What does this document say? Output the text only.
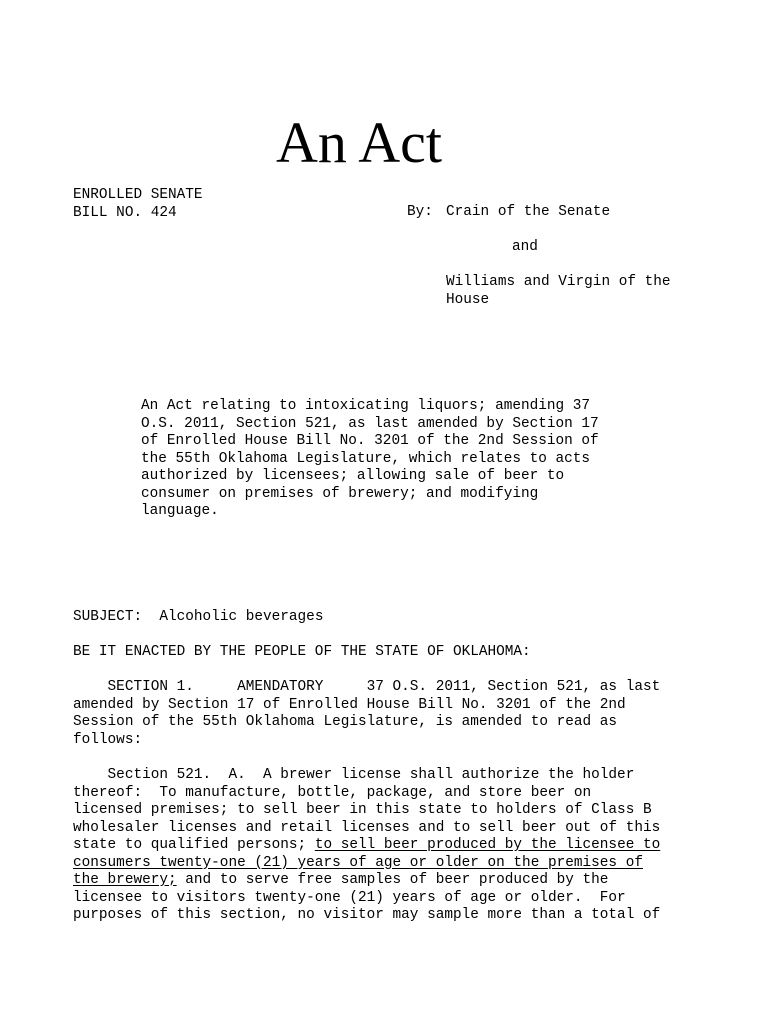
An Act
ENROLLED SENATE
BILL NO. 424	By: Crain of the Senate
and
Williams and Virgin of the
House
An Act relating to intoxicating liquors; amending 37
O.S. 2011, Section 521, as last amended by Section 17
of Enrolled House Bill No. 3201 of the 2nd Session of
the 55th Oklahoma Legislature, which relates to acts
authorized by licensees; allowing sale of beer to
consumer on premises of brewery; and modifying
language.
SUBJECT: Alcoholic beverages
BE IT ENACTED BY THE PEOPLE OF THE STATE OF OKLAHOMA:
SECTION 1.     AMENDATORY     37 O.S. 2011, Section 521, as last
amended by Section 17 of Enrolled House Bill No. 3201 of the 2nd
Session of the 55th Oklahoma Legislature, is amended to read as
follows:
Section 521.  A.  A brewer license shall authorize the holder
thereof:  To manufacture, bottle, package, and store beer on
licensed premises; to sell beer in this state to holders of Class B
wholesaler licenses and retail licenses and to sell beer out of this
state to qualified persons; to sell beer produced by the licensee to
consumers twenty-one (21) years of age or older on the premises of
the brewery; and to serve free samples of beer produced by the
licensee to visitors twenty-one (21) years of age or older.  For
purposes of this section, no visitor may sample more than a total of
